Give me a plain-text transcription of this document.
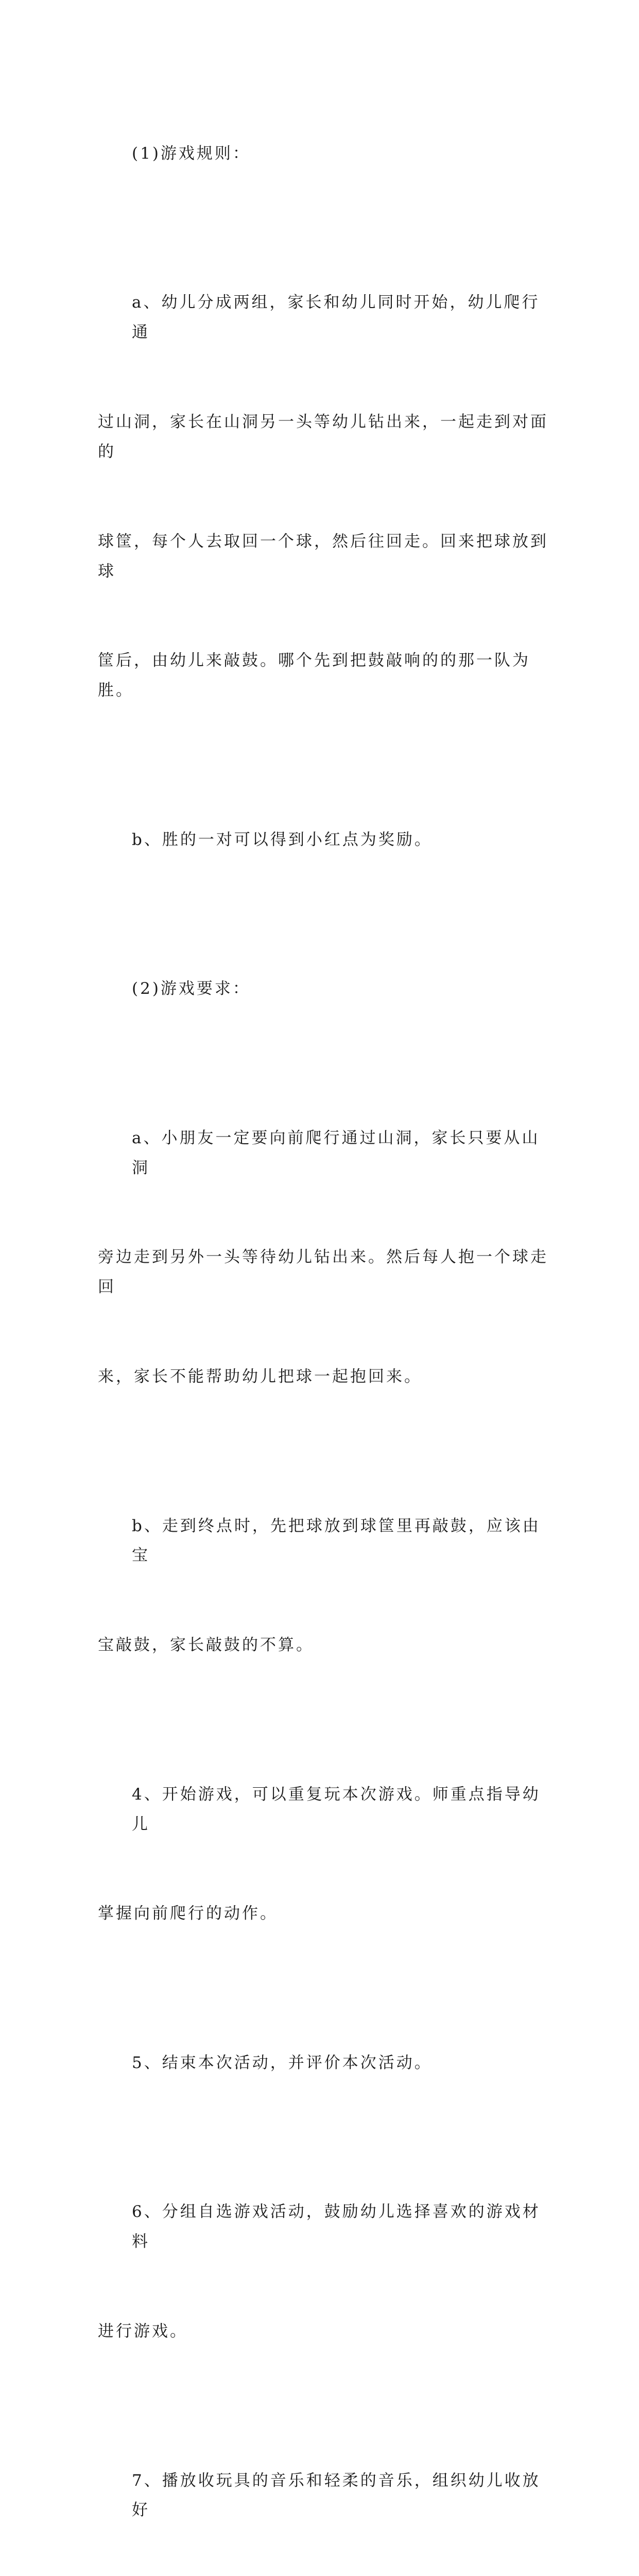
(1)游戏规则：

a、幼儿分成两组，家长和幼儿同时开始，幼儿爬行通

过山洞，家长在山洞另一头等幼儿钻出来，一起走到对面的

球筐，每个人去取回一个球，然后往回走。回来把球放到球

筐后，由幼儿来敲鼓。哪个先到把鼓敲响的的那一队为胜。

b、胜的一对可以得到小红点为奖励。

(2)游戏要求：

a、小朋友一定要向前爬行通过山洞，家长只要从山洞

旁边走到另外一头等待幼儿钻出来。然后每人抱一个球走回

来，家长不能帮助幼儿把球一起抱回来。

b、走到终点时，先把球放到球筐里再敲鼓，应该由宝

宝敲鼓，家长敲鼓的不算。

4、开始游戏，可以重复玩本次游戏。师重点指导幼儿

掌握向前爬行的动作。

5、结束本次活动，并评价本次活动。

6、分组自选游戏活动，鼓励幼儿选择喜欢的游戏材料

进行游戏。

7、播放收玩具的音乐和轻柔的音乐，组织幼儿收放好
